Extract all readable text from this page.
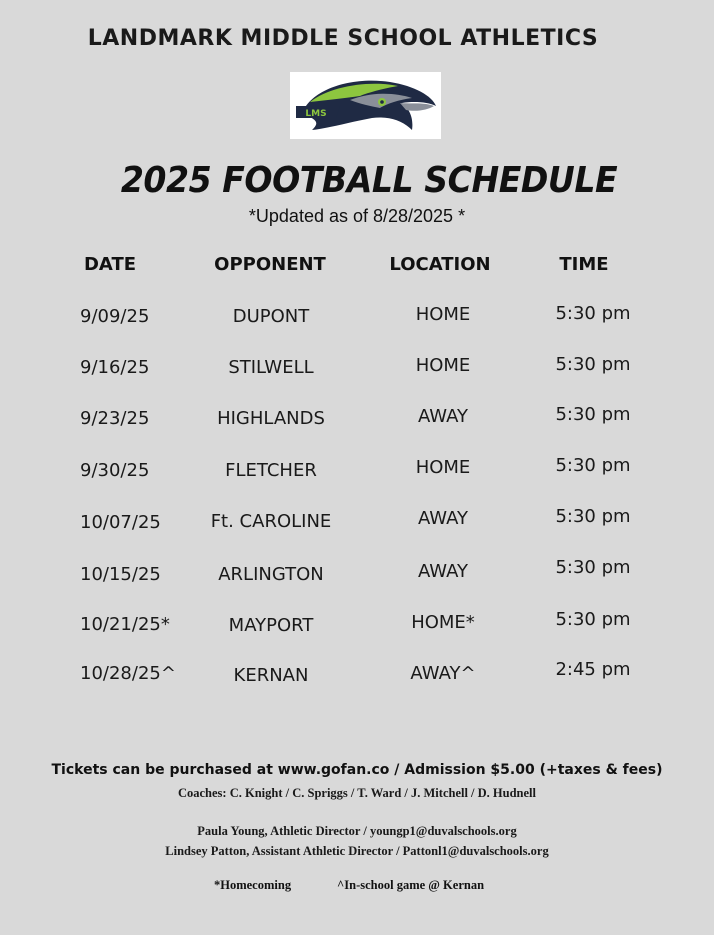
LANDMARK MIDDLE SCHOOL ATHLETICS
LMS
2025 FOOTBALL SCHEDULE
*Updated as of 8/28/2025 *
DATE	OPPONENT	LOCATION	TIME
9/09/25	DUPONT	HOME	5:30 pm
9/16/25	STILWELL	HOME	5:30 pm
9/23/25	HIGHLANDS	AWAY	5:30 pm
9/30/25	FLETCHER	HOME	5:30 pm
10/07/25	Ft. CAROLINE	AWAY	5:30 pm
10/15/25	ARLINGTON	AWAY	5:30 pm
10/21/25*	MAYPORT	HOME*	5:30 pm
10/28/25^	KERNAN	AWAY^	2:45 pm
Tickets can be purchased at www.gofan.co / Admission $5.00 (+taxes & fees)
Coaches: C. Knight / C. Spriggs / T. Ward / J. Mitchell / D. Hudnell
Paula Young, Athletic Director / youngp1@duvalschools.org
Lindsey Patton, Assistant Athletic Director / Pattonl1@duvalschools.org
*Homecoming	^In-school game @ Kernan
